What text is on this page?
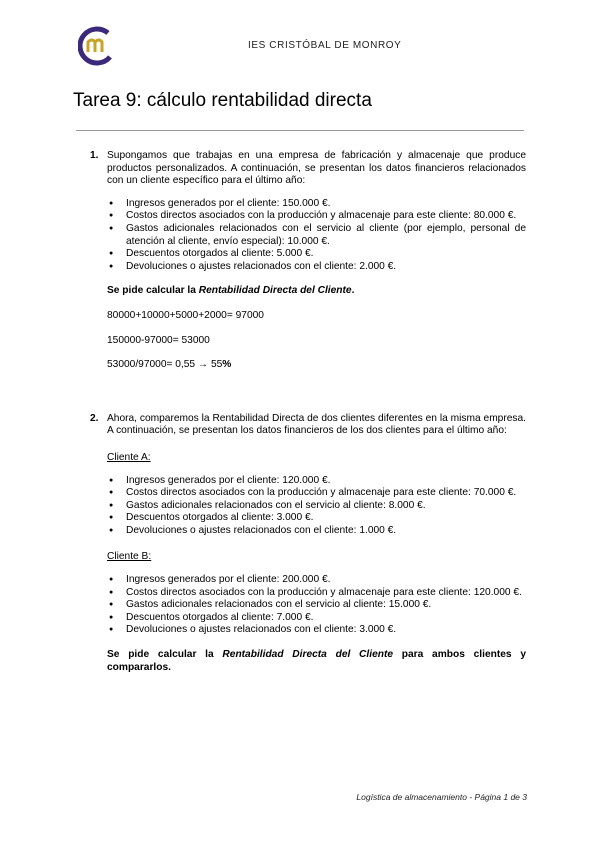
IES CRISTÓBAL DE MONROY
Tarea 9: cálculo rentabilidad directa
1. Supongamos que trabajas en una empresa de fabricación y almacenaje que produce productos personalizados. A continuación, se presentan los datos financieros relacionados con un cliente específico para el último año:
● Ingresos generados por el cliente: 150.000 €.
● Costos directos asociados con la producción y almacenaje para este cliente: 80.000 €.
● Gastos adicionales relacionados con el servicio al cliente (por ejemplo, personal de atención al cliente, envío especial): 10.000 €.
● Descuentos otorgados al cliente: 5.000 €.
● Devoluciones o ajustes relacionados con el cliente: 2.000 €.
Se pide calcular la Rentabilidad Directa del Cliente.
80000+10000+5000+2000= 97000
150000-97000= 53000
53000/97000= 0,55 → 55%
2. Ahora, comparemos la Rentabilidad Directa de dos clientes diferentes en la misma empresa. A continuación, se presentan los datos financieros de los dos clientes para el último año:
Cliente A:
● Ingresos generados por el cliente: 120.000 €.
● Costos directos asociados con la producción y almacenaje para este cliente: 70.000 €.
● Gastos adicionales relacionados con el servicio al cliente: 8.000 €.
● Descuentos otorgados al cliente: 3.000 €.
● Devoluciones o ajustes relacionados con el cliente: 1.000 €.
Cliente B:
● Ingresos generados por el cliente: 200.000 €.
● Costos directos asociados con la producción y almacenaje para este cliente: 120.000 €.
● Gastos adicionales relacionados con el servicio al cliente: 15.000 €.
● Descuentos otorgados al cliente: 7.000 €.
● Devoluciones o ajustes relacionados con el cliente: 3.000 €.
Se pide calcular la Rentabilidad Directa del Cliente para ambos clientes y compararlos.
Logística de almacenamiento - Página 1 de 3
